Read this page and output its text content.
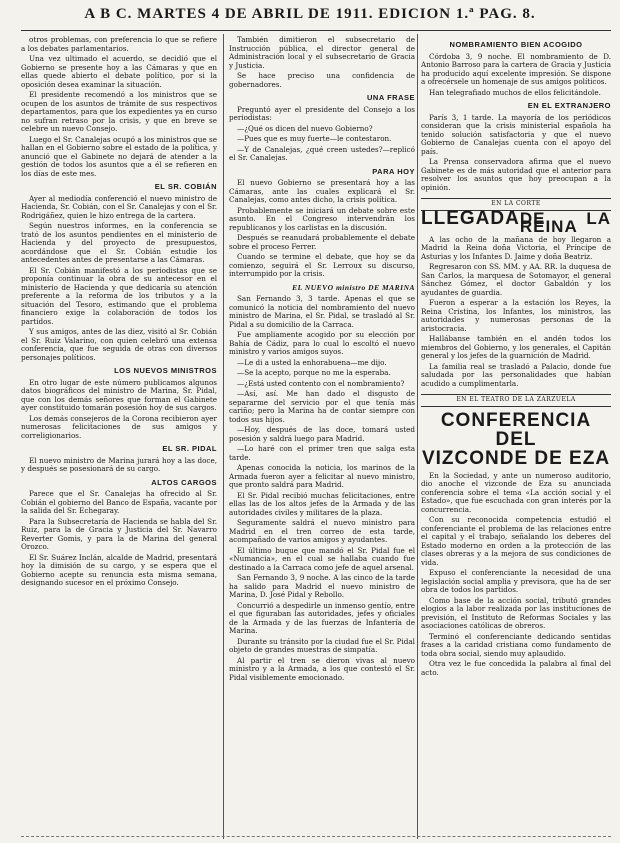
A B C. MARTES 4 DE ABRIL DE 1911. EDICION 1.ª PAG. 8.

otros problemas, con preferencia lo que se refiere a los debates parlamentarios.

Una vez ultimado el acuerdo, se decidió que el Gobierno se presente hoy a las Cámaras y que en ellas quede abierto el debate político, por si la oposición desea examinar la situación.

El presidente recomendó a los ministros que se ocupen de los asuntos de trámite de sus respectivos departamentos, para que los expedientes ya en curso no sufran retraso por la crisis, y que en breve se celebre un nuevo Consejo.

Luego el Sr. Canalejas ocupó a los ministros que se hallan en el Gobierno sobre el estado de la política, y anunció que el Gabinete no dejará de atender a la gestión de todos los asuntos que a él se refieren en los días de este mes.

EL SR. COBIÁN

Ayer al mediodía conferenció el nuevo ministro de Hacienda, Sr. Cobián, con el Sr. Canalejas y con el Sr. Rodrigáñez, quien le hizo entrega de la cartera.

Según nuestros informes, en la conferencia se trató de los asuntos pendientes en el ministerio de Hacienda y del proyecto de presupuestos, acordándose que el Sr. Cobián estudie los antecedentes antes de presentarse a las Cámaras.

El Sr. Cobián manifestó a los periodistas que se proponía continuar la obra de su antecesor en el ministerio de Hacienda y que dedicaría su atención preferente a la reforma de los tributos y a la situación del Tesoro, estimando que el problema financiero exige la colaboración de todos los partidos.

Y sus amigos, antes de las diez, visitó al Sr. Cobián el Sr. Ruiz Valarino, con quien celebró una extensa conferencia, que fue seguida de otras con diversos personajes políticos.

LOS NUEVOS MINISTROS

En otro lugar de este número publicamos algunos datos biográficos del ministro de Marina, Sr. Pidal, que con los demás señores que forman el Gabinete ayer constituido tomarán posesión hoy de sus cargos.

Los demás consejeros de la Corona recibieron ayer numerosas felicitaciones de sus amigos y correligionarios.

EL SR. PIDAL

El nuevo ministro de Marina jurará hoy a las doce, y después se posesionará de su cargo.

ALTOS CARGOS

Parece que el Sr. Canalejas ha ofrecido al Sr. Cobián el gobierno del Banco de España, vacante por la salida del Sr. Echegaray.

Para la Subsecretaría de Hacienda se habla del Sr. Ruiz, para la de Gracia y Justicia del Sr. Navarro Reverter Gomis, y para la de Marina del general Orozco.

El Sr. Suárez Inclán, alcalde de Madrid, presentará hoy la dimisión de su cargo, y se espera que el Gobierno acepte su renuncia esta misma semana, designando sucesor en el próximo Consejo.

También dimitieron el subsecretario de Instrucción pública, el director general de Administración local y el subsecretario de Gracia y Justicia.

Se hace preciso una confidencia de gobernadores.

UNA FRASE

Preguntó ayer el presidente del Consejo a los periodistas:

—¿Qué os dicen del nuevo Gobierno?

—Pues que es muy fuerte—le contestaron.

—Y de Canalejas, ¿qué creen ustedes?—replicó el Sr. Canalejas.

PARA HOY

El nuevo Gobierno se presentará hoy a las Cámaras, ante las cuales explicará el Sr. Canalejas, como antes dicho, la crisis política.

Probablemente se iniciará un debate sobre este asunto. En el Congreso intervendrán los republicanos y los carlistas en la discusión.

Después se reanudará probablemente el debate sobre el proceso Ferrer.

Cuando se termine el debate, que hoy se da comienzo, seguirá el Sr. Lerroux su discurso, interrumpido por la crisis.

EL NUEVO ministro DE MARINA

San Fernando 3, 3 tarde. Apenas el que se comunicó la noticia del nombramiento del nuevo ministro de Marina, el Sr. Pidal, se trasladó al Sr. Pidal a su domicilio de la Carraca.

Fue ampliamente acogido por su elección por Bahía de Cádiz, para lo cual lo escoltó el nuevo ministro y varios amigos suyos.

—Le di a usted la enhorabuena—me dijo.

—Se la acepto, porque no me la esperaba.

—¿Está usted contento con el nombramiento?

—Así, así. Me han dado el disgusto de separarme del servicio por el que tenía más cariño; pero la Marina ha de contar siempre con todos sus hijos.

—Hoy, después de las doce, tomará usted posesión y saldrá luego para Madrid.

—Lo haré con el primer tren que salga esta tarde.

Apenas conocida la noticia, los marinos de la Armada fueron ayer a felicitar al nuevo ministro, que pronto saldrá para Madrid.

El Sr. Pidal recibió muchas felicitaciones, entre ellas las de los altos jefes de la Armada y de las autoridades civiles y militares de la plaza.

Seguramente saldrá el nuevo ministro para Madrid en el tren correo de esta tarde, acompañado de varios amigos y ayudantes.

El último buque que mandó el Sr. Pidal fue el «Numancia», en el cual se hallaba cuando fue destinado a la Carraca como jefe de aquel arsenal.

San Fernando 3, 9 noche. A las cinco de la tarde ha salido para Madrid el nuevo ministro de Marina, D. José Pidal y Rebollo.

Concurrió a despedirle un inmenso gentío, entre el que figuraban las autoridades, jefes y oficiales de la Armada y de las fuerzas de Infantería de Marina.

Durante su tránsito por la ciudad fue el Sr. Pidal objeto de grandes muestras de simpatía.

Al partir el tren se dieron vivas al nuevo ministro y a la Armada, a los que contestó el Sr. Pidal visiblemente emocionado.

NOMBRAMIENTO BIEN ACOGIDO

Córdoba 3, 9 noche. El nombramiento de D. Antonio Barroso para la cartera de Gracia y Justicia ha producido aquí excelente impresión. Se dispone a ofrecérsele un homenaje de sus amigos políticos.

Han telegrafiado muchos de ellos felicitándole.

EN EL EXTRANJERO

París 3, 1 tarde. La mayoría de los periódicos consideran que la crisis ministerial española ha tenido solución satisfactoria y que el nuevo Gobierno de Canalejas cuenta con el apoyo del país.

La Prensa conservadora afirma que el nuevo Gabinete es de más autoridad que el anterior para resolver los asuntos que hoy preocupan a la opinión.

EN LA CORTE
LLEGADA DE LA REINA

A las ocho de la mañana de hoy llegaron a Madrid la Reina doña Victoria, el Príncipe de Asturias y los Infantes D. Jaime y doña Beatriz.

Regresaron con SS. MM. y AA. RR. la duquesa de San Carlos, la marquesa de Sotomayor, el general Sánchez Gómez, el doctor Gabaldón y los ayudantes de guardia.

Fueron a esperar a la estación los Reyes, la Reina Cristina, los Infantes, los ministros, las autoridades y numerosas personas de la aristocracia.

Hallábanse también en el andén todos los miembros del Gobierno, y los generales, el Capitán general y los jefes de la guarnición de Madrid.

La familia real se trasladó a Palacio, donde fue saludada por las personalidades que habían acudido a cumplimentarla.

EN EL TEATRO DE LA ZARZUELA
CONFERENCIA DEL
VIZCONDE DE EZA

En la Sociedad, y ante un numeroso auditorio, dio anoche el vizconde de Eza su anunciada conferencia sobre el tema «La acción social y el Estado», que fue escuchada con gran interés por la concurrencia.

Con su reconocida competencia estudió el conferenciante el problema de las relaciones entre el capital y el trabajo, señalando los deberes del Estado moderno en orden a la protección de las clases obreras y a la mejora de sus condiciones de vida.

Expuso el conferenciante la necesidad de una legislación social amplia y previsora, que ha de ser obra de todos los partidos.

Como base de la acción social, tributó grandes elogios a la labor realizada por las instituciones de previsión, el Instituto de Reformas Sociales y las asociaciones católicas de obreros.

Terminó el conferenciante dedicando sentidas frases a la caridad cristiana como fundamento de toda obra social, siendo muy aplaudido.

Otra vez le fue concedida la palabra al final del acto.
